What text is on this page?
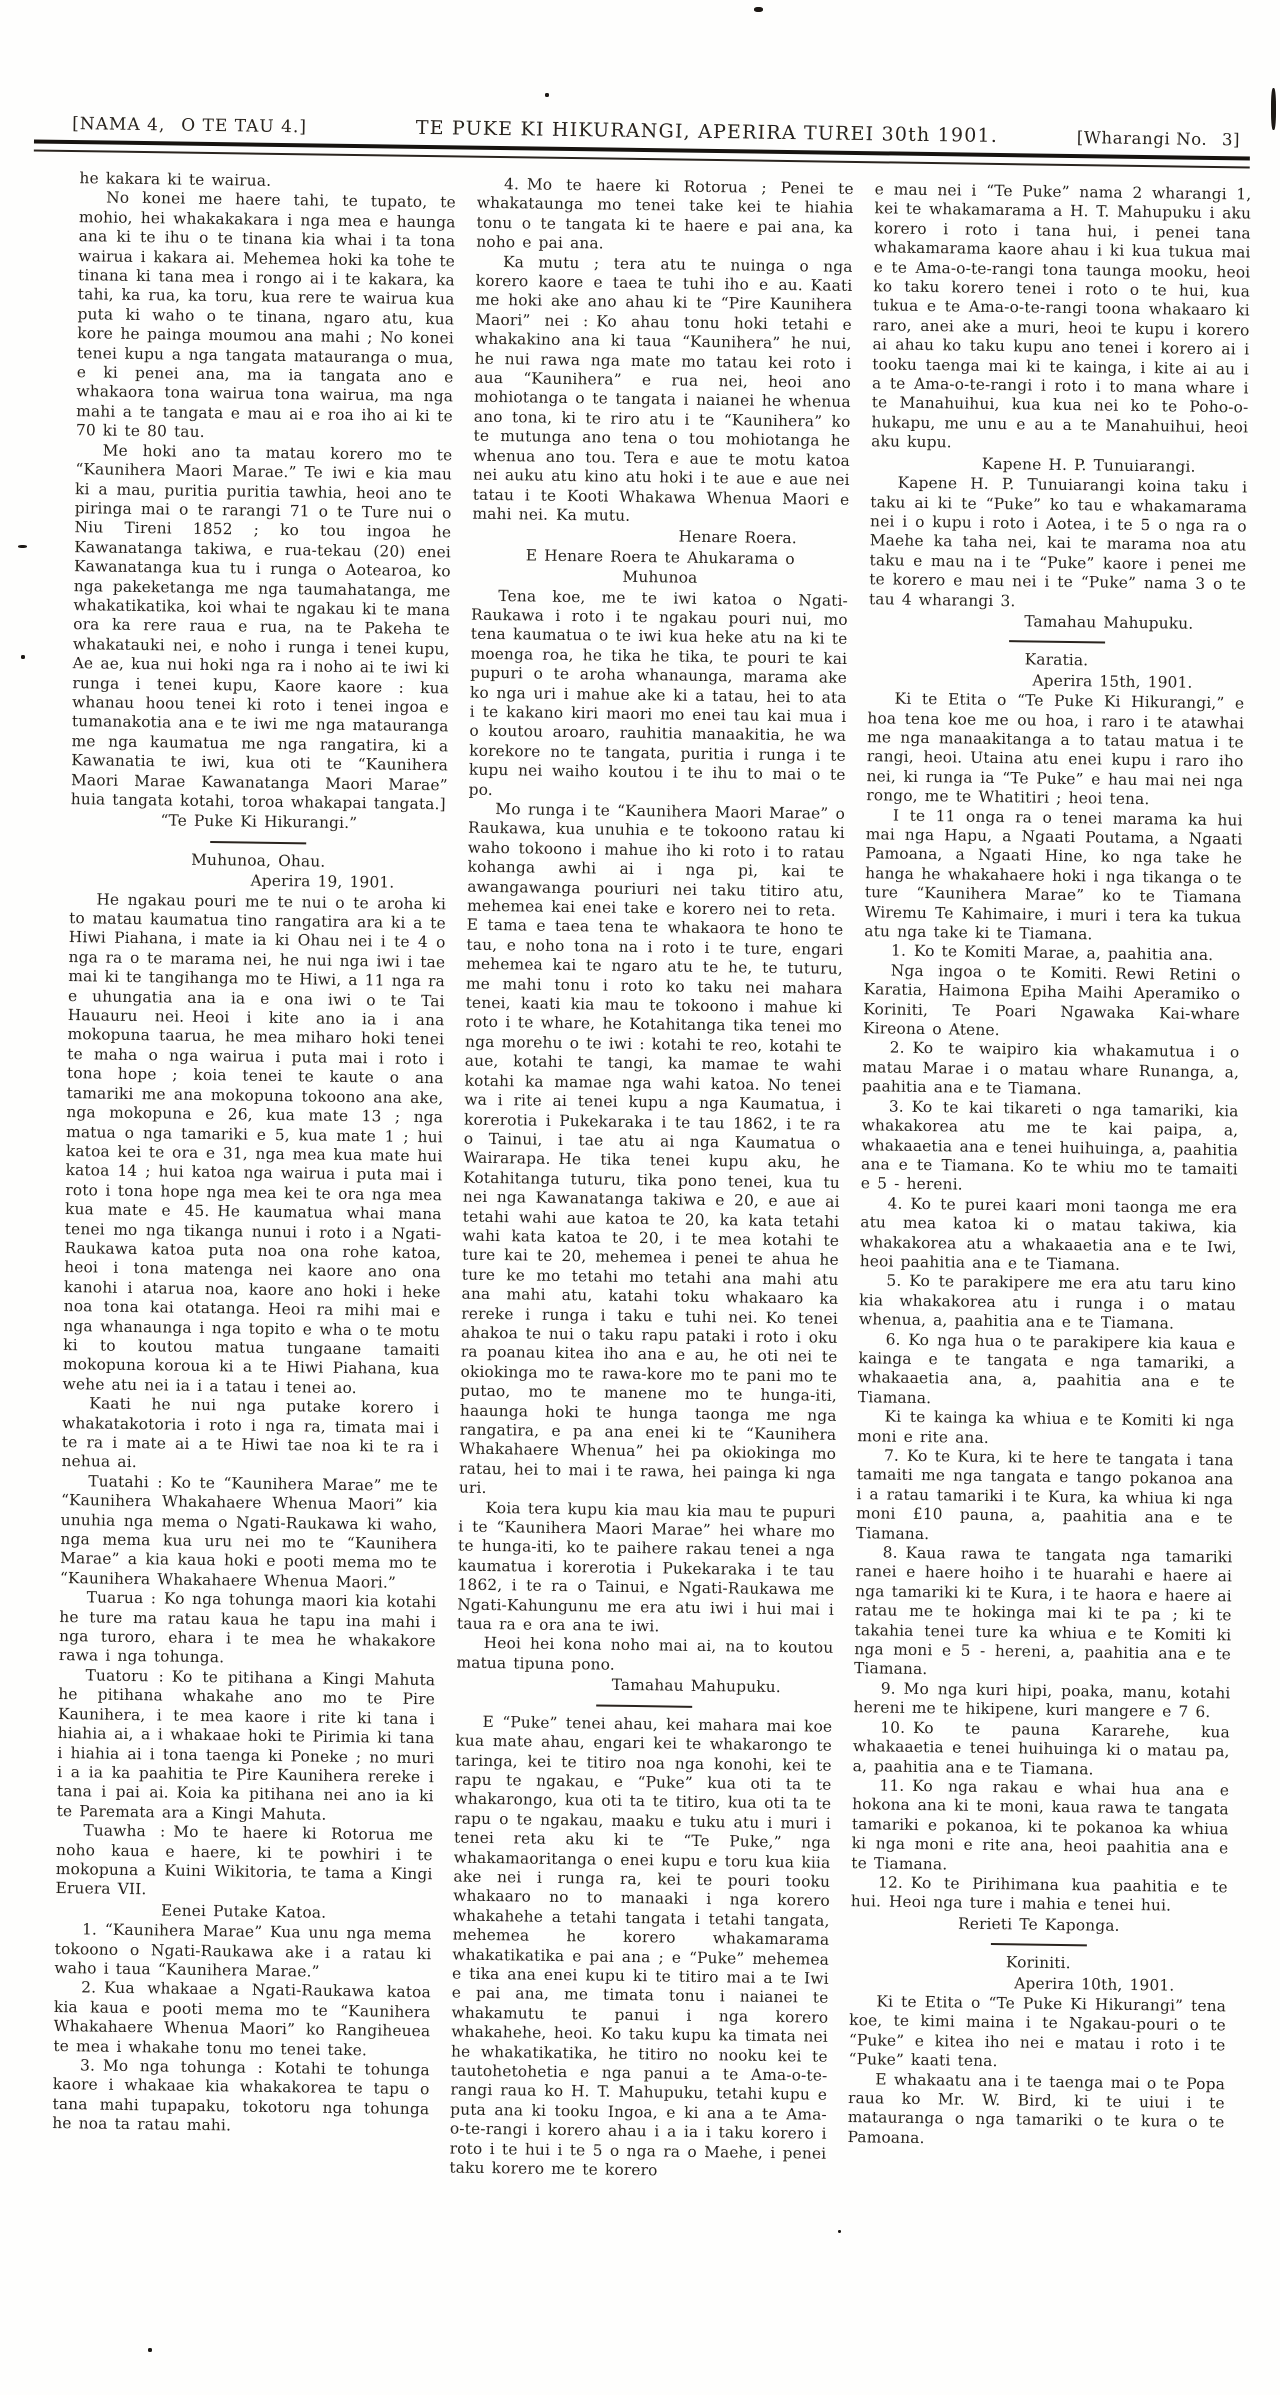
[NAMA 4,  O TE TAU 4.]	TE PUKE KI HIKURANGI, APERIRA TUREI 30th 1901.	[Wharangi No.  3]
he kakara ki te wairua.
No konei me haere tahi, te tupato, te mohio, hei whakakakara i nga mea e haunga ana ki te ihu o te tinana kia whai i ta tona wairua i kakara ai. Mehemea hoki ka tohe te tinana ki tana mea i rongo ai i te kakara, ka tahi, ka rua, ka toru, kua rere te wairua kua puta ki waho o te tinana, ngaro atu, kua kore he painga moumou ana mahi ; No konei tenei kupu a nga tangata matauranga o mua, e ki penei ana, ma ia tangata ano e whakaora tona wairua tona wairua, ma nga mahi a te tangata e mau ai e roa iho ai ki te 70 ki te 80 tau.
Me hoki ano ta matau korero mo te “Kaunihera Maori Marae.” Te iwi e kia mau ki a mau, puritia puritia tawhia, heoi ano te piringa mai o te rarangi 71 o te Ture nui o Niu Tireni 1852 ; ko tou ingoa he Kawanatanga takiwa, e rua-tekau (20) enei Kawanatanga kua tu i runga o Aotearoa, ko nga pakeketanga me nga taumahatanga, me whakatikatika, koi whai te ngakau ki te mana ora ka rere raua e rua, na te Pakeha te whakatauki nei, e noho i runga i tenei kupu, Ae ae, kua nui hoki nga ra i noho ai te iwi ki runga i tenei kupu, Kaore kaore : kua whanau hoou tenei ki roto i tenei ingoa e tumanakotia ana e te iwi me nga matauranga me nga kaumatua me nga rangatira, ki a Kawanatia te iwi, kua oti te “Kaunihera Maori Marae Kawanatanga Maori Marae” huia tangata kotahi, toroa whakapai tangata.]
“Te Puke Ki Hikurangi.”
Muhunoa, Ohau.
Aperira 19, 1901.
He ngakau pouri me te nui o te aroha ki to matau kaumatua tino rangatira ara ki a te Hiwi Piahana, i mate ia ki Ohau nei i te 4 o nga ra o te marama nei, he nui nga iwi i tae mai ki te tangihanga mo te Hiwi, a 11 nga ra e uhungatia ana ia e ona iwi o te Tai Hauauru nei. Heoi i kite ano ia i ana mokopuna taarua, he mea miharo hoki tenei te maha o nga wairua i puta mai i roto i tona hope ; koia tenei te kaute o ana tamariki me ana mokopuna tokoono ana ake, nga mokopuna e 26, kua mate 13 ; nga matua o nga tamariki e 5, kua mate 1 ; hui katoa kei te ora e 31, nga mea kua mate hui katoa 14 ; hui katoa nga wairua i puta mai i roto i tona hope nga mea kei te ora nga mea kua mate e 45. He kaumatua whai mana tenei mo nga tikanga nunui i roto i a Ngati-Raukawa katoa puta noa ona rohe katoa, heoi i tona matenga nei kaore ano ona kanohi i atarua noa, kaore ano hoki i heke noa tona kai otatanga. Heoi ra mihi mai e nga whanaunga i nga topito e wha o te motu ki to koutou matua tungaane tamaiti mokopuna koroua ki a te Hiwi Piahana, kua wehe atu nei ia i a tatau i tenei ao.
Kaati he nui nga putake korero i whakatakotoria i roto i nga ra, timata mai i te ra i mate ai a te Hiwi tae noa ki te ra i nehua ai.
Tuatahi : Ko te “Kaunihera Marae” me te “Kaunihera Whakahaere Whenua Maori” kia unuhia nga mema o Ngati-Raukawa ki waho, nga mema kua uru nei mo te “Kaunihera Marae” a kia kaua hoki e pooti mema mo te “Kaunihera Whakahaere Whenua Maori.”
Tuarua : Ko nga tohunga maori kia kotahi he ture ma ratau kaua he tapu ina mahi i nga turoro, ehara i te mea he whakakore rawa i nga tohunga.
Tuatoru : Ko te pitihana a Kingi Mahuta he pitihana whakahe ano mo te Pire Kaunihera, i te mea kaore i rite ki tana i hiahia ai, a i whakaae hoki te Pirimia ki tana i hiahia ai i tona taenga ki Poneke ; no muri i a ia ka paahitia te Pire Kaunihera rereke i tana i pai ai. Koia ka pitihana nei ano ia ki te Paremata ara a Kingi Mahuta.
Tuawha : Mo te haere ki Rotorua me noho kaua e haere, ki te powhiri i te mokopuna a Kuini Wikitoria, te tama a Kingi Eruera VII.
Eenei Putake Katoa.
1. “Kaunihera Marae” Kua unu nga mema tokoono o Ngati-Raukawa ake i a ratau ki waho i taua “Kaunihera Marae.”
2. Kua whakaae a Ngati-Raukawa katoa kia kaua e pooti mema mo te “Kaunihera Whakahaere Whenua Maori” ko Rangiheuea te mea i whakahe tonu mo tenei take.
3. Mo nga tohunga : Kotahi te tohunga kaore i whakaae kia whakakorea te tapu o tana mahi tupapaku, tokotoru nga tohunga he noa ta ratau mahi.
4. Mo te haere ki Rotorua ; Penei te whakataunga mo tenei take kei te hiahia tonu o te tangata ki te haere e pai ana, ka noho e pai ana.
Ka mutu ; tera atu te nuinga o nga korero kaore e taea te tuhi iho e au. Kaati me hoki ake ano ahau ki te “Pire Kaunihera Maori” nei : Ko ahau tonu hoki tetahi e whakakino ana ki taua “Kaunihera” he nui, he nui rawa nga mate mo tatau kei roto i aua “Kaunihera” e rua nei, heoi ano mohiotanga o te tangata i naianei he whenua ano tona, ki te riro atu i te “Kaunihera” ko te mutunga ano tena o tou mohiotanga he whenua ano tou. Tera e aue te motu katoa nei auku atu kino atu hoki i te aue e aue nei tatau i te Kooti Whakawa Whenua Maori e mahi nei. Ka mutu.
Henare Roera.
E Henare Roera te Ahukarama o
Muhunoa
Tena koe, me te iwi katoa o Ngati-Raukawa i roto i te ngakau pouri nui, mo tena kaumatua o te iwi kua heke atu na ki te moenga roa, he tika he tika, te pouri te kai pupuri o te aroha whanaunga, marama ake ko nga uri i mahue ake ki a tatau, hei to ata i te kakano kiri maori mo enei tau kai mua i o koutou aroaro, rauhitia manaakitia, he wa korekore no te tangata, puritia i runga i te kupu nei waiho koutou i te ihu to mai o te po.
Mo runga i te “Kaunihera Maori Marae” o Raukawa, kua unuhia e te tokoono ratau ki waho tokoono i mahue iho ki roto i to ratau kohanga awhi ai i nga pi, kai te awangawanga pouriuri nei taku titiro atu, mehemea kai enei take e korero nei to reta. E tama e taea tena te whakaora te hono te tau, e noho tona na i roto i te ture, engari mehemea kai te ngaro atu te he, te tuturu, me mahi tonu i roto ko taku nei mahara tenei, kaati kia mau te tokoono i mahue ki roto i te whare, he Kotahitanga tika tenei mo nga morehu o te iwi : kotahi te reo, kotahi te aue, kotahi te tangi, ka mamae te wahi kotahi ka mamae nga wahi katoa. No tenei wa i rite ai tenei kupu a nga Kaumatua, i korerotia i Pukekaraka i te tau 1862, i te ra o Tainui, i tae atu ai nga Kaumatua o Wairarapa. He tika tenei kupu aku, he Kotahitanga tuturu, tika pono tenei, kua tu nei nga Kawanatanga takiwa e 20, e aue ai tetahi wahi aue katoa te 20, ka kata tetahi wahi kata katoa te 20, i te mea kotahi te ture kai te 20, mehemea i penei te ahua he ture ke mo tetahi mo tetahi ana mahi atu ana mahi atu, katahi toku whakaaro ka rereke i runga i taku e tuhi nei. Ko tenei ahakoa te nui o taku rapu pataki i roto i oku ra poanau kitea iho ana e au, he oti nei te okiokinga mo te rawa-kore mo te pani mo te putao, mo te manene mo te hunga-iti, haaunga hoki te hunga taonga me nga rangatira, e pa ana enei ki te “Kaunihera Whakahaere Whenua” hei pa okiokinga mo ratau, hei to mai i te rawa, hei painga ki nga uri.
Koia tera kupu kia mau kia mau te pupuri i te “Kaunihera Maori Marae” hei whare mo te hunga-iti, ko te paihere rakau tenei a nga kaumatua i korerotia i Pukekaraka i te tau 1862, i te ra o Tainui, e Ngati-Raukawa me Ngati-Kahungunu me era atu iwi i hui mai i taua ra e ora ana te iwi.
Heoi hei kona noho mai ai, na to koutou matua tipuna pono.
Tamahau Mahupuku.
E “Puke” tenei ahau, kei mahara mai koe kua mate ahau, engari kei te whakarongo te taringa, kei te titiro noa nga konohi, kei te rapu te ngakau, e “Puke” kua oti ta te whakarongo, kua oti ta te titiro, kua oti ta te rapu o te ngakau, maaku e tuku atu i muri i tenei reta aku ki te “Te Puke,” nga whakamaoritanga o enei kupu e toru kua kiia ake nei i runga ra, kei te pouri tooku whakaaro no to manaaki i nga korero whakahehe a tetahi tangata i tetahi tangata, mehemea he korero whakamarama whakatikatika e pai ana ; e “Puke” mehemea e tika ana enei kupu ki te titiro mai a te Iwi e pai ana, me timata tonu i naianei te whakamutu te panui i nga korero whakahehe, heoi. Ko taku kupu ka timata nei he whakatikatika, he titiro no nooku kei te tautohetohetia e nga panui a te Ama-o-te-rangi raua ko H. T. Mahupuku, tetahi kupu e puta ana ki tooku Ingoa, e ki ana a te Ama-o-te-rangi i korero ahau i a ia i taku korero i roto i te hui i te 5 o nga ra o Maehe, i penei taku korero me te korero
e mau nei i “Te Puke” nama 2 wharangi 1, kei te whakamarama a H. T. Mahupuku i aku korero i roto i tana hui, i penei tana whakamarama kaore ahau i ki kua tukua mai e te Ama-o-te-rangi tona taunga mooku, heoi ko taku korero tenei i roto o te hui, kua tukua e te Ama-o-te-rangi toona whakaaro ki raro, anei ake a muri, heoi te kupu i korero ai ahau ko taku kupu ano tenei i korero ai i tooku taenga mai ki te kainga, i kite ai au i a te Ama-o-te-rangi i roto i to mana whare i te Manahuihui, kua kua nei ko te Poho-o-hukapu, me unu e au a te Manahuihui, heoi aku kupu.
Kapene H. P. Tunuiarangi.
Kapene H. P. Tunuiarangi koina taku i taku ai ki te “Puke” ko tau e whakamarama nei i o kupu i roto i Aotea, i te 5 o nga ra o Maehe ka taha nei, kai te marama noa atu taku e mau na i te “Puke” kaore i penei me te korero e mau nei i te “Puke” nama 3 o te tau 4 wharangi 3.
Tamahau Mahupuku.
Karatia.
Aperira 15th, 1901.
Ki te Etita o “Te Puke Ki Hikurangi,” e hoa tena koe me ou hoa, i raro i te atawhai me nga manaakitanga a to tatau matua i te rangi, heoi. Utaina atu enei kupu i raro iho nei, ki runga ia “Te Puke” e hau mai nei nga rongo, me te Whatitiri ; heoi tena.
I te 11 onga ra o tenei marama ka hui mai nga Hapu, a Ngaati Poutama, a Ngaati Pamoana, a Ngaati Hine, ko nga take he hanga he whakahaere hoki i nga tikanga o te ture “Kaunihera Marae” ko te Tiamana Wiremu Te Kahimaire, i muri i tera ka tukua atu nga take ki te Tiamana.
1. Ko te Komiti Marae, a, paahitia ana.
Nga ingoa o te Komiti. Rewi Retini o Karatia, Haimona Epiha Maihi Aperamiko o Koriniti, Te Poari Ngawaka Kai-whare Kireona o Atene.
2. Ko te waipiro kia whakamutua i o matau Marae i o matau whare Runanga, a, paahitia ana e te Tiamana.
3. Ko te kai tikareti o nga tamariki, kia whakakorea atu me te kai paipa, a, whakaaetia ana e tenei huihuinga, a, paahitia ana e te Tiamana. Ko te whiu mo te tamaiti e 5 - hereni.
4. Ko te purei kaari moni taonga me era atu mea katoa ki o matau takiwa, kia whakakorea atu a whakaaetia ana e te Iwi, heoi paahitia ana e te Tiamana.
5. Ko te parakipere me era atu taru kino kia whakakorea atu i runga i o matau whenua, a, paahitia ana e te Tiamana.
6. Ko nga hua o te parakipere kia kaua e kainga e te tangata e nga tamariki, a whakaaetia ana, a, paahitia ana e te Tiamana.
Ki te kainga ka whiua e te Komiti ki nga moni e rite ana.
7. Ko te Kura, ki te here te tangata i tana tamaiti me nga tangata e tango pokanoa ana i a ratau tamariki i te Kura, ka whiua ki nga moni £10 pauna, a, paahitia ana e te Tiamana.
8. Kaua rawa te tangata nga tamariki ranei e haere hoiho i te huarahi e haere ai nga tamariki ki te Kura, i te haora e haere ai ratau me te hokinga mai ki te pa ; ki te takahia tenei ture ka whiua e te Komiti ki nga moni e 5 - hereni, a, paahitia ana e te Tiamana.
9. Mo nga kuri hipi, poaka, manu, kotahi hereni me te hikipene, kuri mangere e 7 6.
10. Ko te pauna Kararehe, kua whakaaetia e tenei huihuinga ki o matau pa, a, paahitia ana e te Tiamana.
11. Ko nga rakau e whai hua ana e hokona ana ki te moni, kaua rawa te tangata tamariki e pokanoa, ki te pokanoa ka whiua ki nga moni e rite ana, heoi paahitia ana e te Tiamana.
12. Ko te Pirihimana kua paahitia e te hui. Heoi nga ture i mahia e tenei hui.
Rerieti Te Kaponga.
Koriniti.
Aperira 10th, 1901.
Ki te Etita o “Te Puke Ki Hikurangi” tena koe, te kimi maina i te Ngakau-pouri o te “Puke” e kitea iho nei e matau i roto i te “Puke” kaati tena.
E whakaatu ana i te taenga mai o te Popa raua ko Mr. W. Bird, ki te uiui i te matauranga o nga tamariki o te kura o te Pamoana.
